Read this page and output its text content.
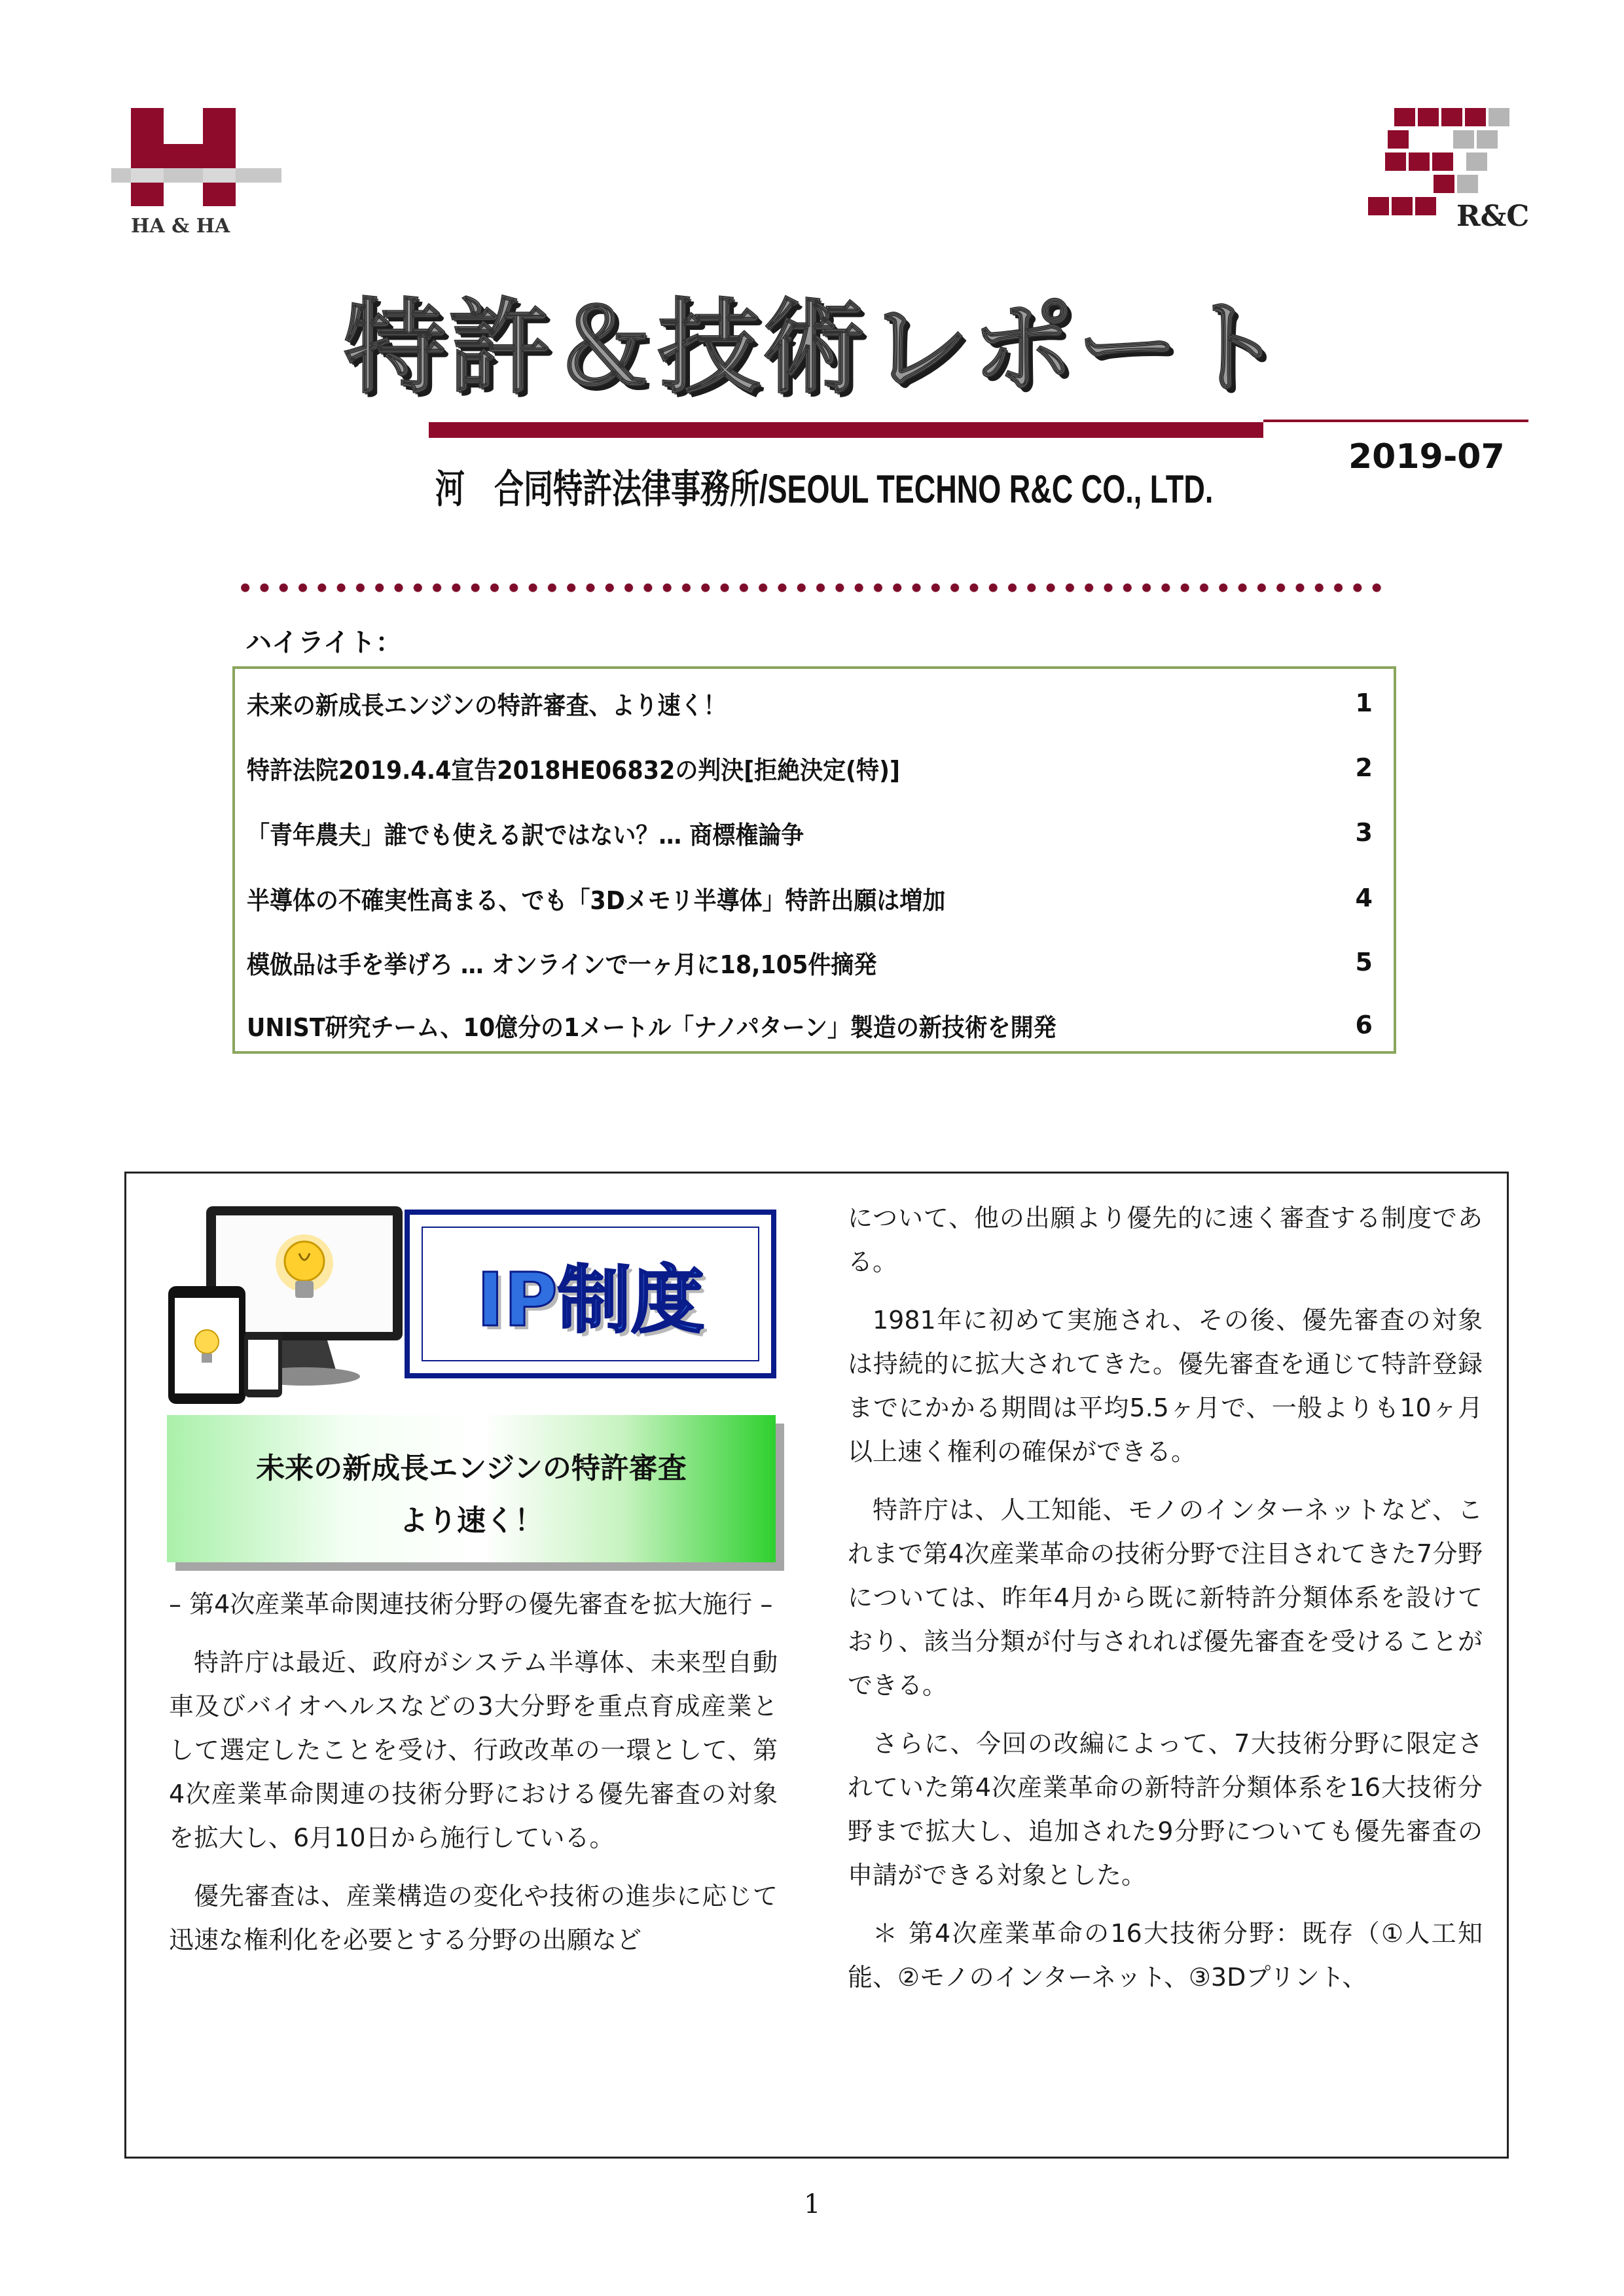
HA & HA	R&C
特許＆技術レポート
河　合同特許法律事務所/SEOUL TECHNO R&C CO., LTD.
2019-07
ハイライト：
未来の新成長エンジンの特許審査、より速く！	1
特許法院2019.4.4宣告2018HE06832の判決[拒絶決定(特)]	2
「青年農夫」誰でも使える訳ではない？… 商標権論争	3
半導体の不確実性高まる、でも「3Dメモリ半導体」特許出願は増加	4
模倣品は手を挙げろ … オンラインで一ヶ月に18,105件摘発	5
UNIST研究チーム、10億分の1メートル「ナノパターン」製造の新技術を開発	6
IP制度
未来の新成長エンジンの特許審査
より速く！

– 第4次産業革命関連技術分野の優先審査を拡大施行 –

特許庁は最近、政府がシステム半導体、未来型自動車及びバイオヘルスなどの3大分野を重点育成産業として選定したことを受け、行政改革の一環として、第4次産業革命関連の技術分野における優先審査の対象を拡大し、6月10日から施行している。

優先審査は、産業構造の変化や技術の進歩に応じて迅速な権利化を必要とする分野の出願など

について、他の出願より優先的に速く審査する制度である。

1981年に初めて実施され、その後、優先審査の対象は持続的に拡大されてきた。優先審査を通じて特許登録までにかかる期間は平均5.5ヶ月で、一般よりも10ヶ月以上速く権利の確保ができる。

特許庁は、人工知能、モノのインターネットなど、これまで第4次産業革命の技術分野で注目されてきた7分野については、昨年4月から既に新特許分類体系を設けており、該当分類が付与されれば優先審査を受けることができる。

さらに、今回の改編によって、7大技術分野に限定されていた第4次産業革命の新特許分類体系を16大技術分野まで拡大し、追加された9分野についても優先審査の申請ができる対象とした。

＊ 第4次産業革命の16大技術分野：既存（①人工知能、②モノのインターネット、③3Dプリント、

1
